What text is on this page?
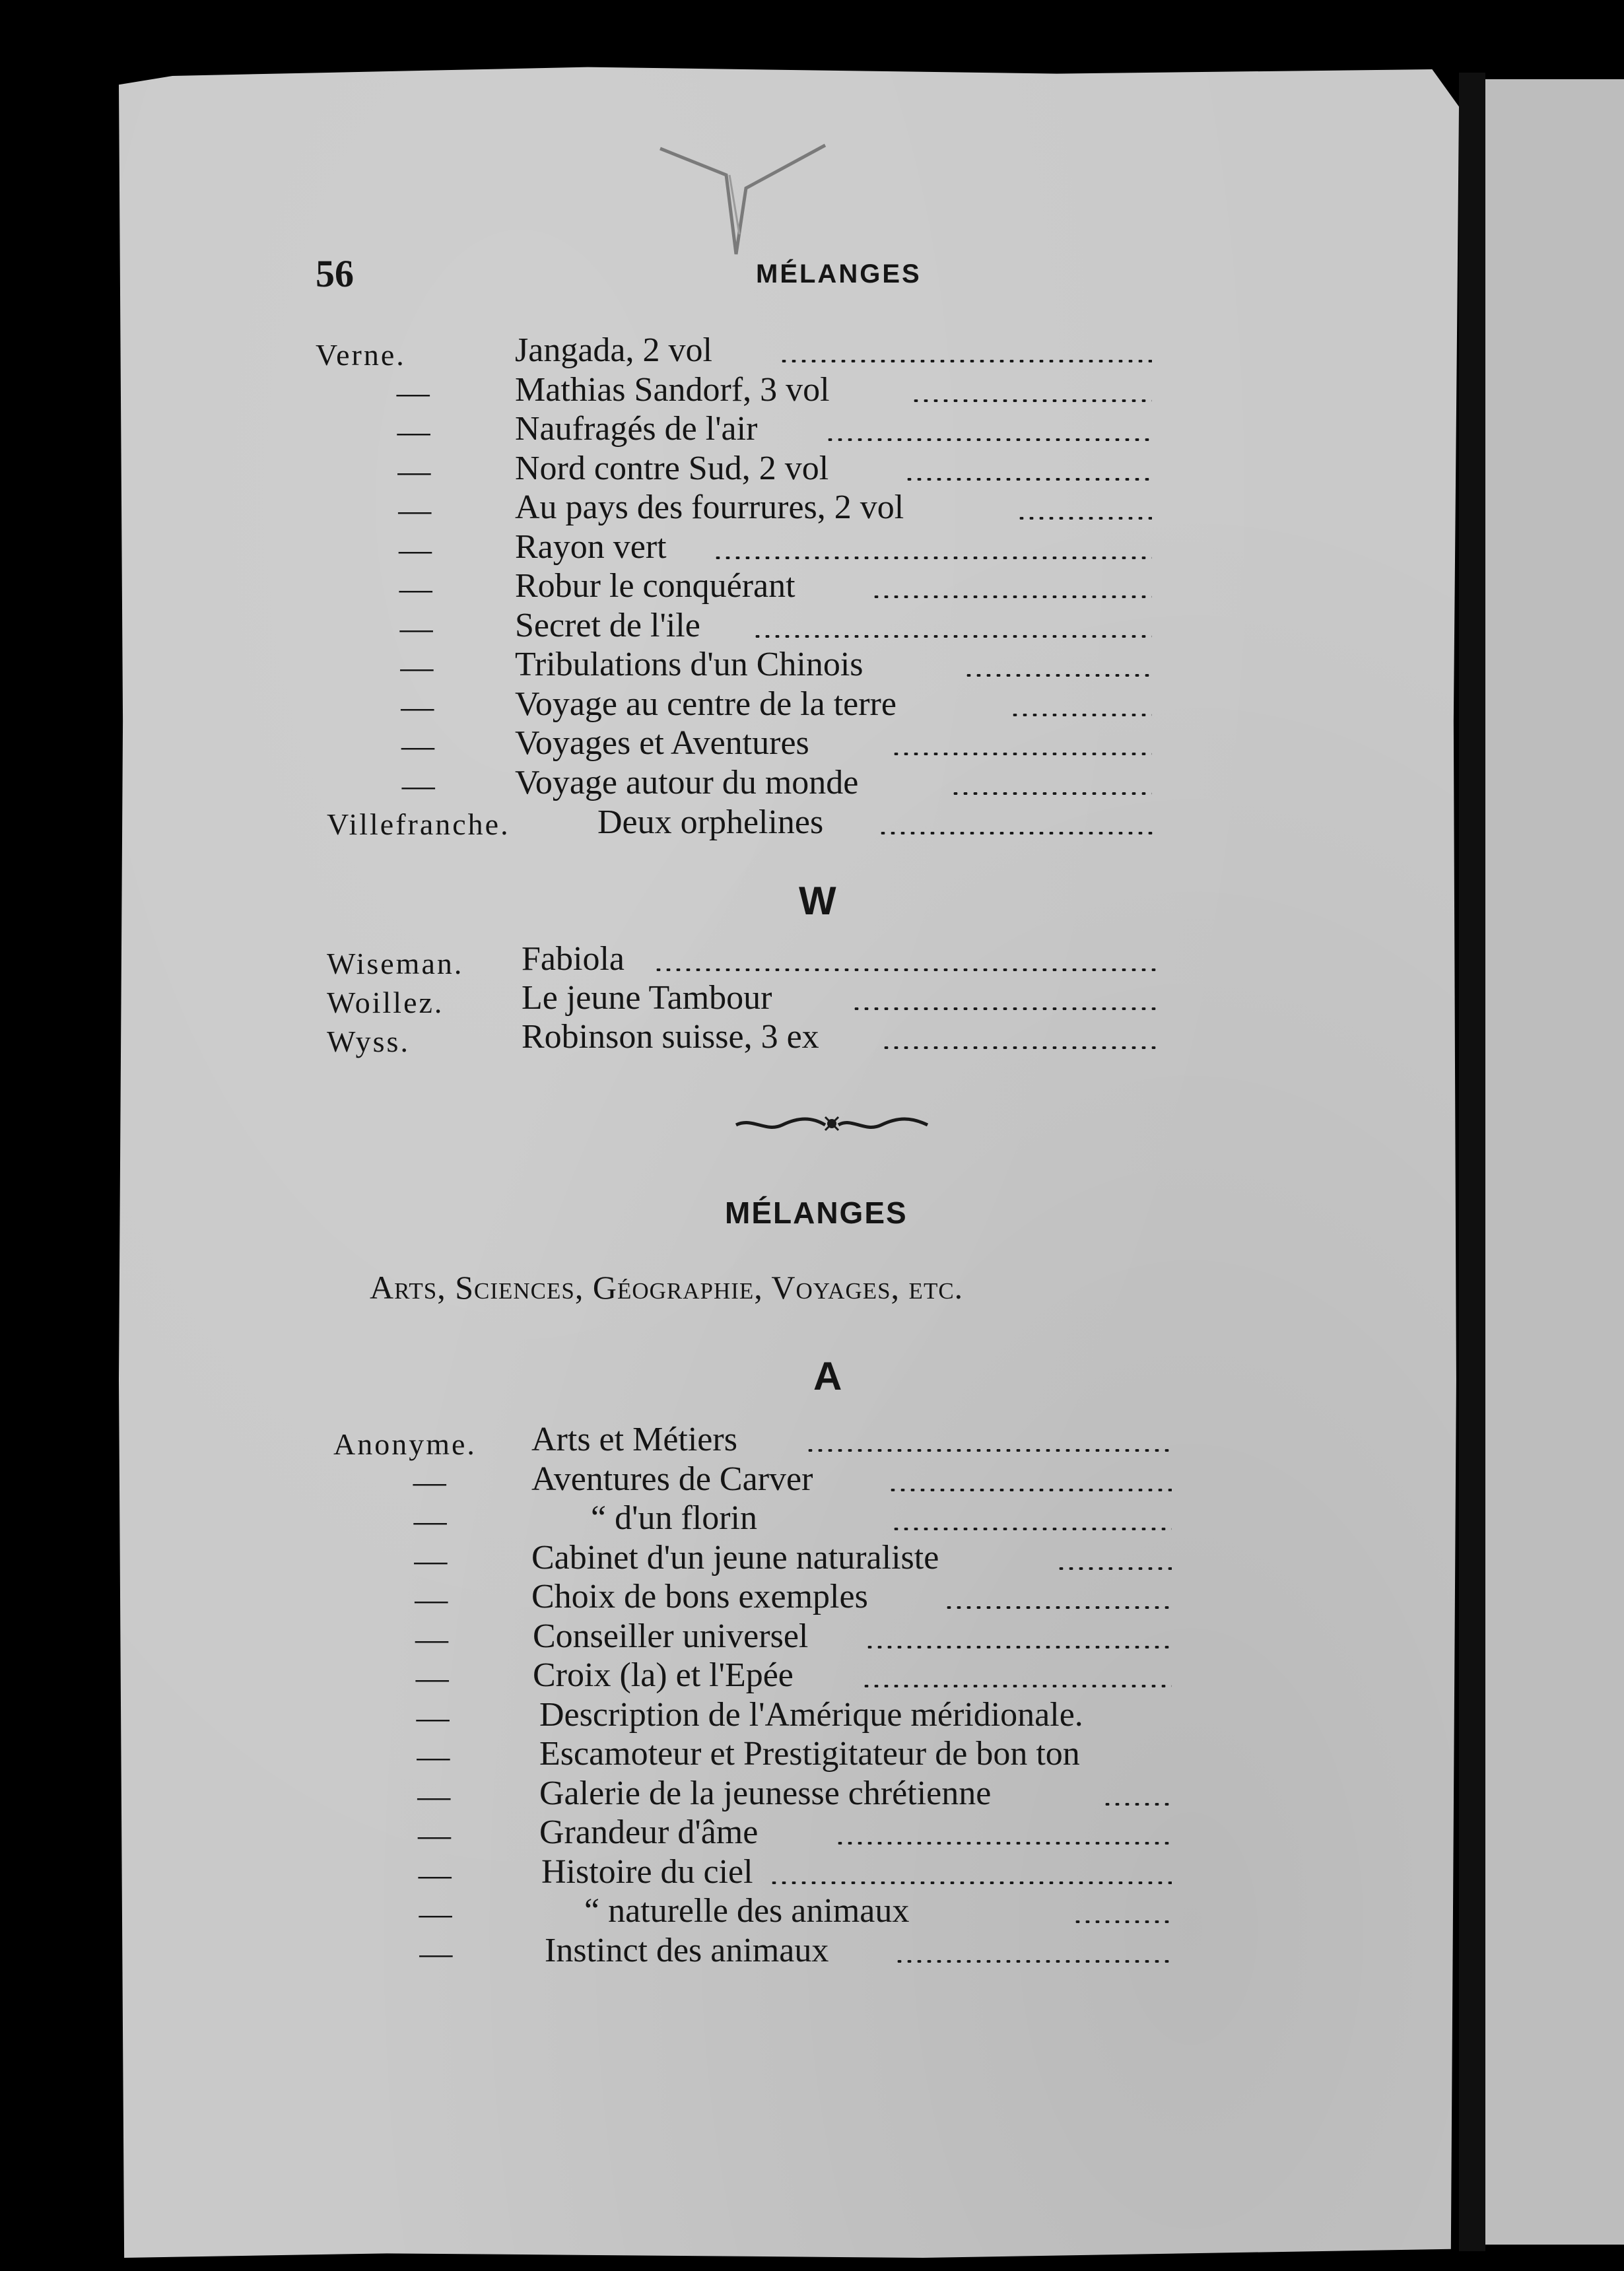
56	MÉLANGES
Verne.	Jangada, 2 vol
— Mathias Sandorf, 3 vol
— Naufragés de l'air
— Nord contre Sud, 2 vol
— Au pays des fourrures, 2 vol
— Rayon vert
— Robur le conquérant
— Secret de l'ile
— Tribulations d'un Chinois
— Voyage au centre de la terre
— Voyages et Aventures
— Voyage autour du monde
Villefranche.	Deux orphelines
W
Wiseman. Fabiola
Woillez. Le jeune Tambour
Wyss.	Robinson suisse, 3 ex
MÉLANGES
Arts, Sciences, Géographie, Voyages, etc.
A
Anonyme. Arts et Métiers
— Aventures de Carver
—	“ d'un florin
— Cabinet d'un jeune naturaliste
— Choix de bons exemples
— Conseiller universel
— Croix (la) et l'Epée
—	Description de l'Amérique méridionale.
—	Escamoteur et Prestigitateur de bon ton
—	Galerie de la jeunesse chrétienne
—	Grandeur d'âme
—	Histoire du ciel
—	“ naturelle des animaux
—	Instinct des animaux
